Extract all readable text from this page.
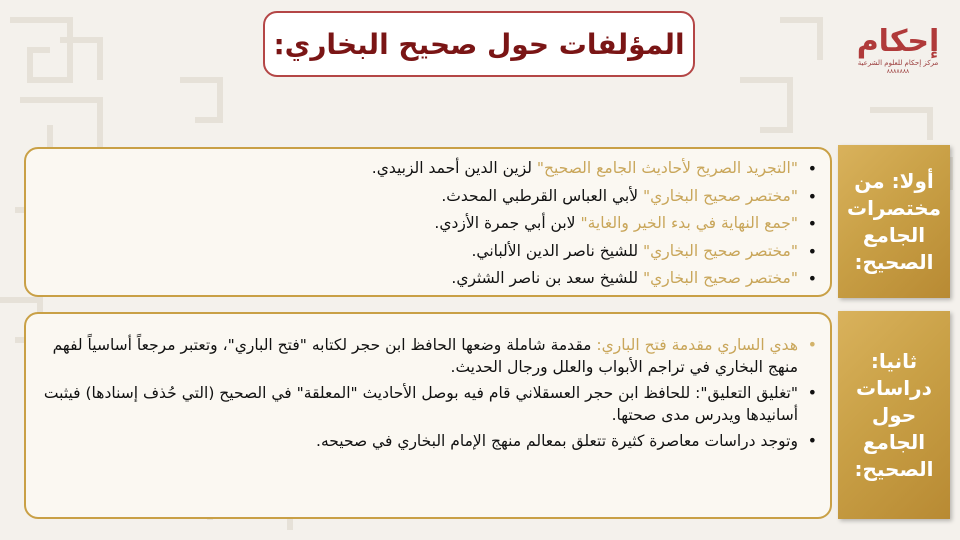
المؤلفات حول صحيح البخاري:	إحكام
مركز إحكام للعلوم الشرعية
٨٨٨٨٨٨٨
أولا: من مختصرات الجامع الصحيح:
•
"التجريد الصريح لأحاديث الجامع الصحيح" لزين الدين أحمد الزبيدي.
•
"مختصر صحيح البخاري" لأبي العباس القرطبي المحدث.
•
"جمع النهاية في بدء الخير والغاية" لابن أبي جمرة الأزدي.
•
"مختصر صحيح البخاري" للشيخ ناصر الدين الألباني.
•
"مختصر صحيح البخاري" للشيخ سعد بن ناصر الشثري.
ثانيا: دراسات حول الجامع الصحيح:
•
هدي الساري مقدمة فتح الباري: مقدمة شاملة وضعها الحافظ ابن حجر لكتابه "فتح الباري"، وتعتبر مرجعاً أساسياً لفهم منهج البخاري في تراجم الأبواب والعلل ورجال الحديث.
•
"تغليق التعليق": للحافظ ابن حجر العسقلاني قام فيه بوصل الأحاديث "المعلقة" في الصحيح (التي حُذف إسنادها) فيثبت أسانيدها ويدرس مدى صحتها.
•
وتوجد دراسات معاصرة كثيرة تتعلق بمعالم منهج الإمام البخاري في صحيحه.
